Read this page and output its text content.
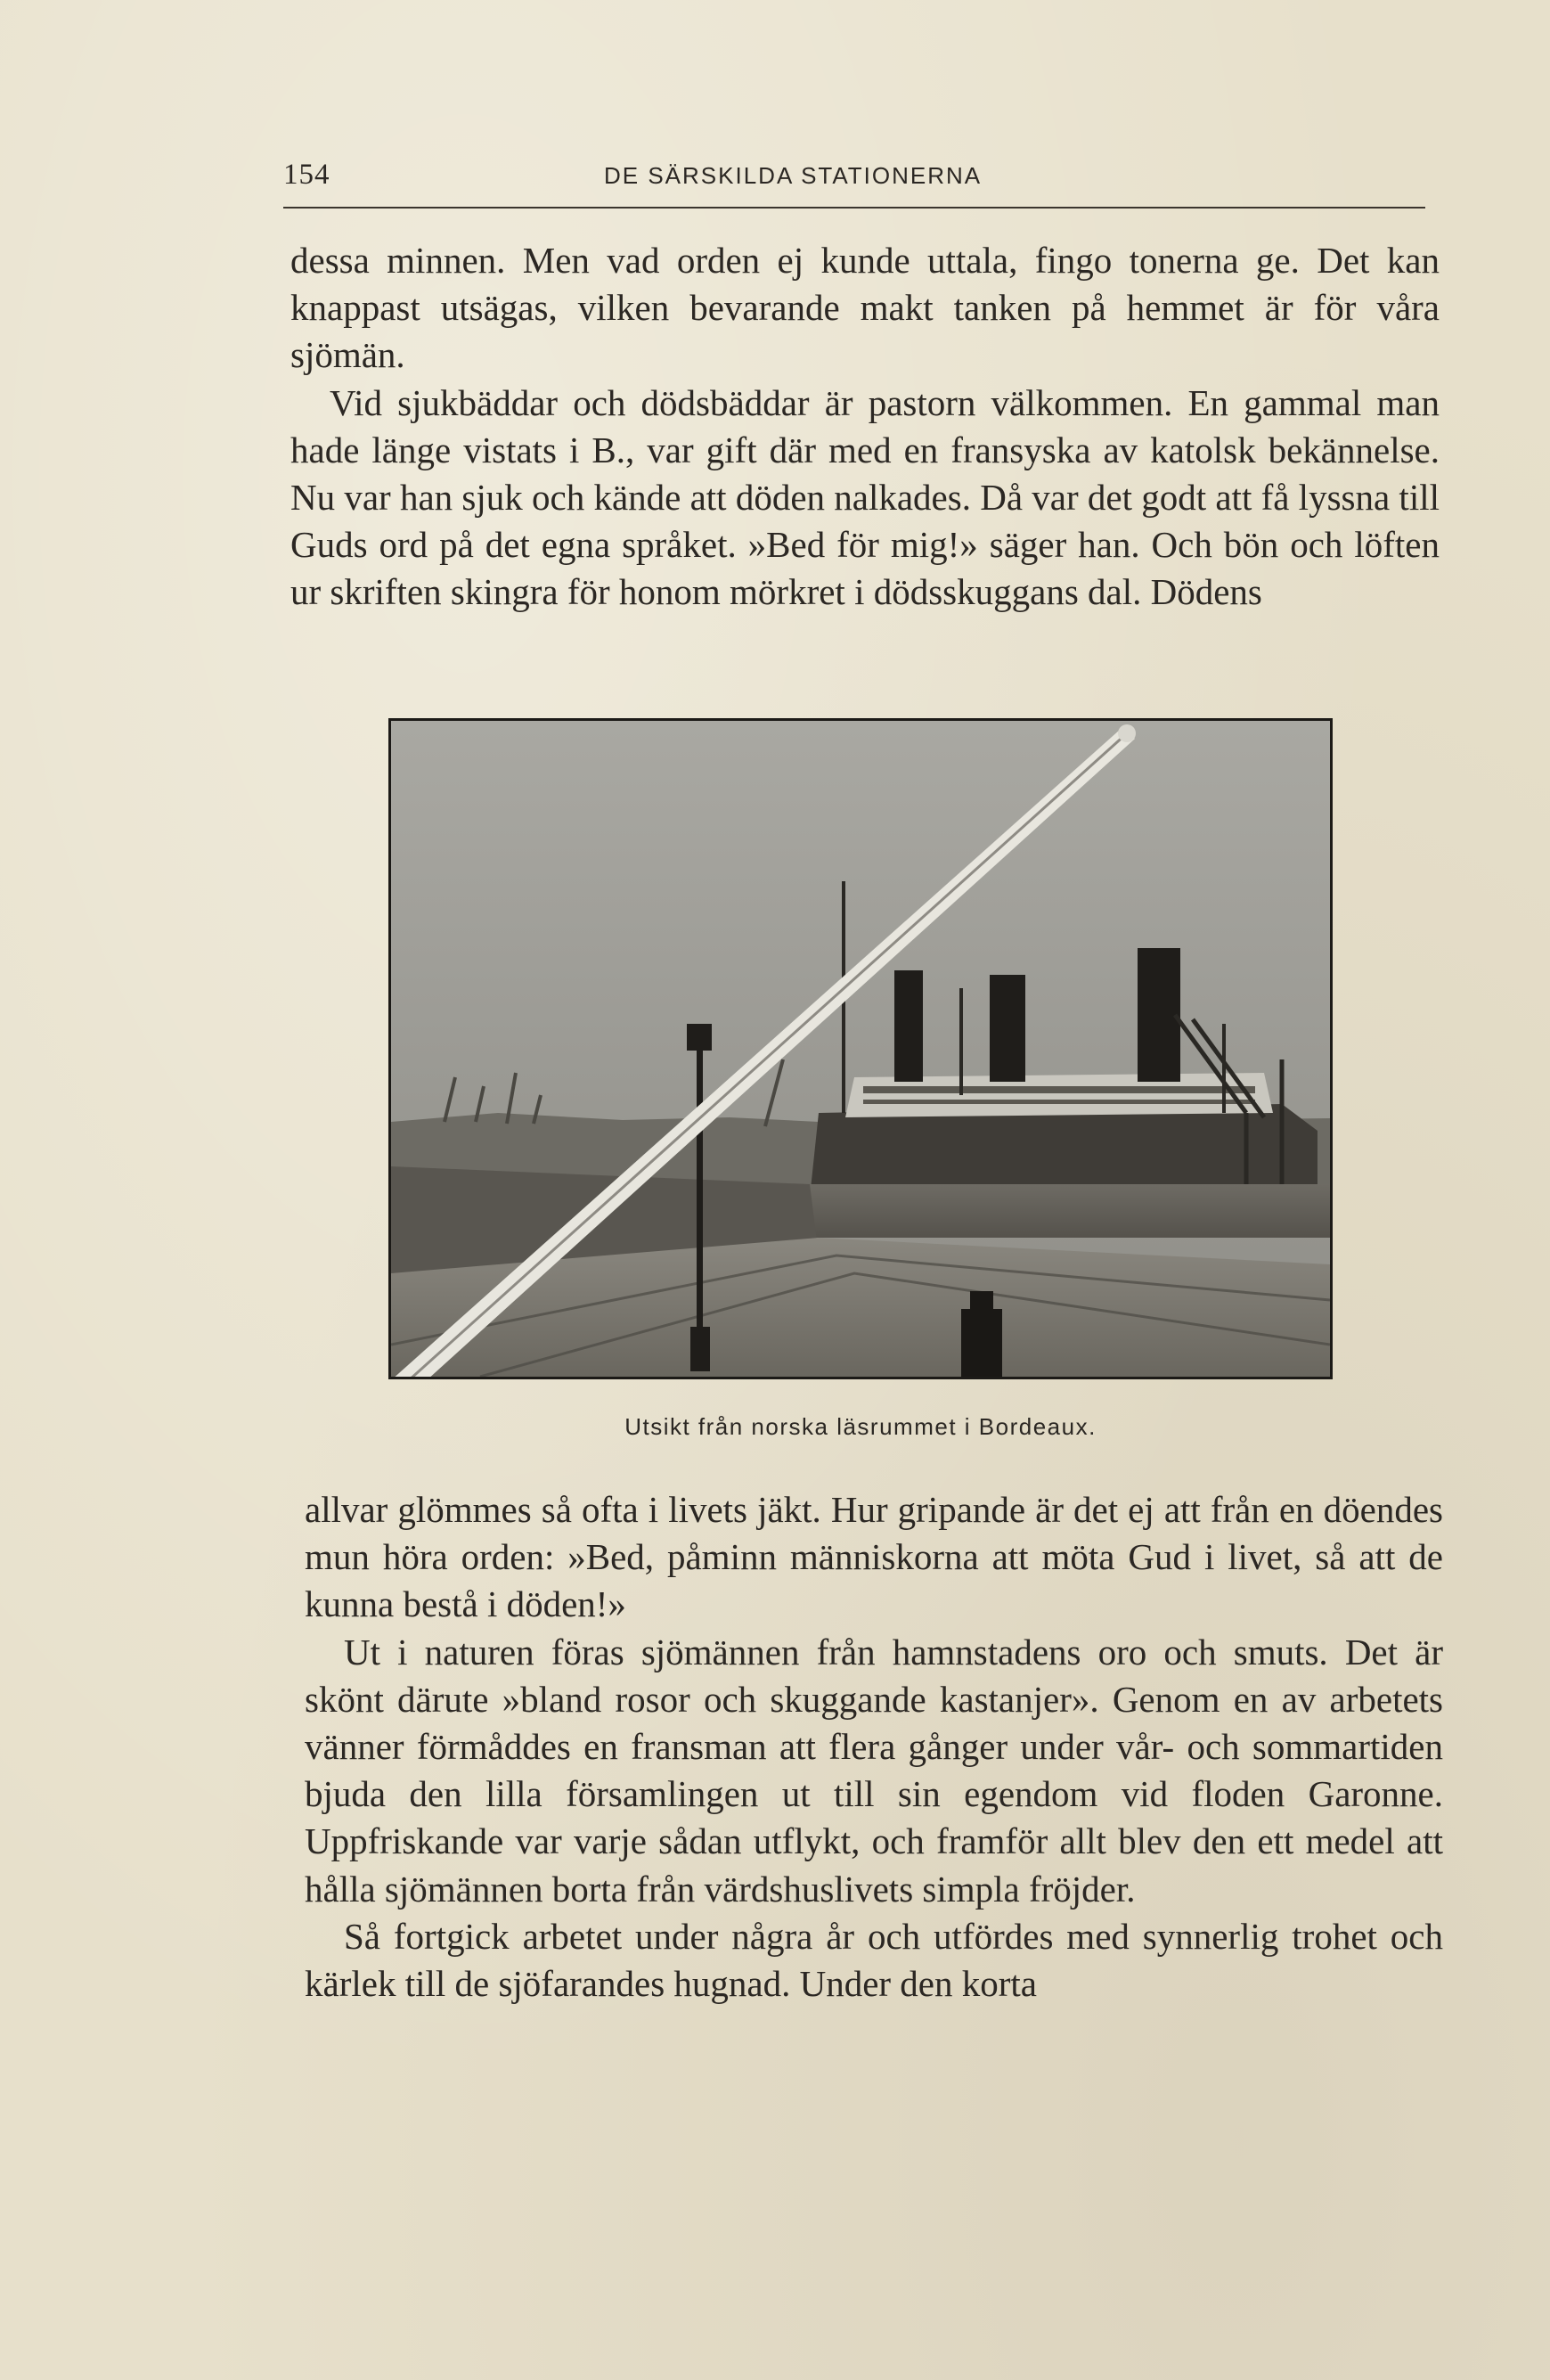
154	DE SÄRSKILDA STATIONERNA

dessa minnen. Men vad orden ej kunde uttala, fingo tonerna ge. Det kan knappast utsägas, vilken bevarande makt tanken på hemmet är för våra sjömän.

Vid sjukbäddar och dödsbäddar är pastorn välkommen. En gammal man hade länge vistats i B., var gift där med en fransyska av katolsk bekännelse. Nu var han sjuk och kände att döden nalkades. Då var det godt att få lyssna till Guds ord på det egna språket. »Bed för mig!» säger han. Och bön och löften ur skriften skingra för honom mörkret i dödsskuggans dal. Dödens

Utsikt från norska läsrummet i Bordeaux.

allvar glömmes så ofta i livets jäkt. Hur gripande är det ej att från en döendes mun höra orden: »Bed, påminn människorna att möta Gud i livet, så att de kunna bestå i döden!»

Ut i naturen föras sjömännen från hamnstadens oro och smuts. Det är skönt därute »bland rosor och skuggande kastanjer». Genom en av arbetets vänner förmåddes en fransman att flera gånger under vår- och sommartiden bjuda den lilla församlingen ut till sin egendom vid floden Garonne. Uppfriskande var varje sådan utflykt, och framför allt blev den ett medel att hålla sjömännen borta från värdshuslivets simpla fröjder.

Så fortgick arbetet under några år och utfördes med synnerlig trohet och kärlek till de sjöfarandes hugnad. Under den korta
